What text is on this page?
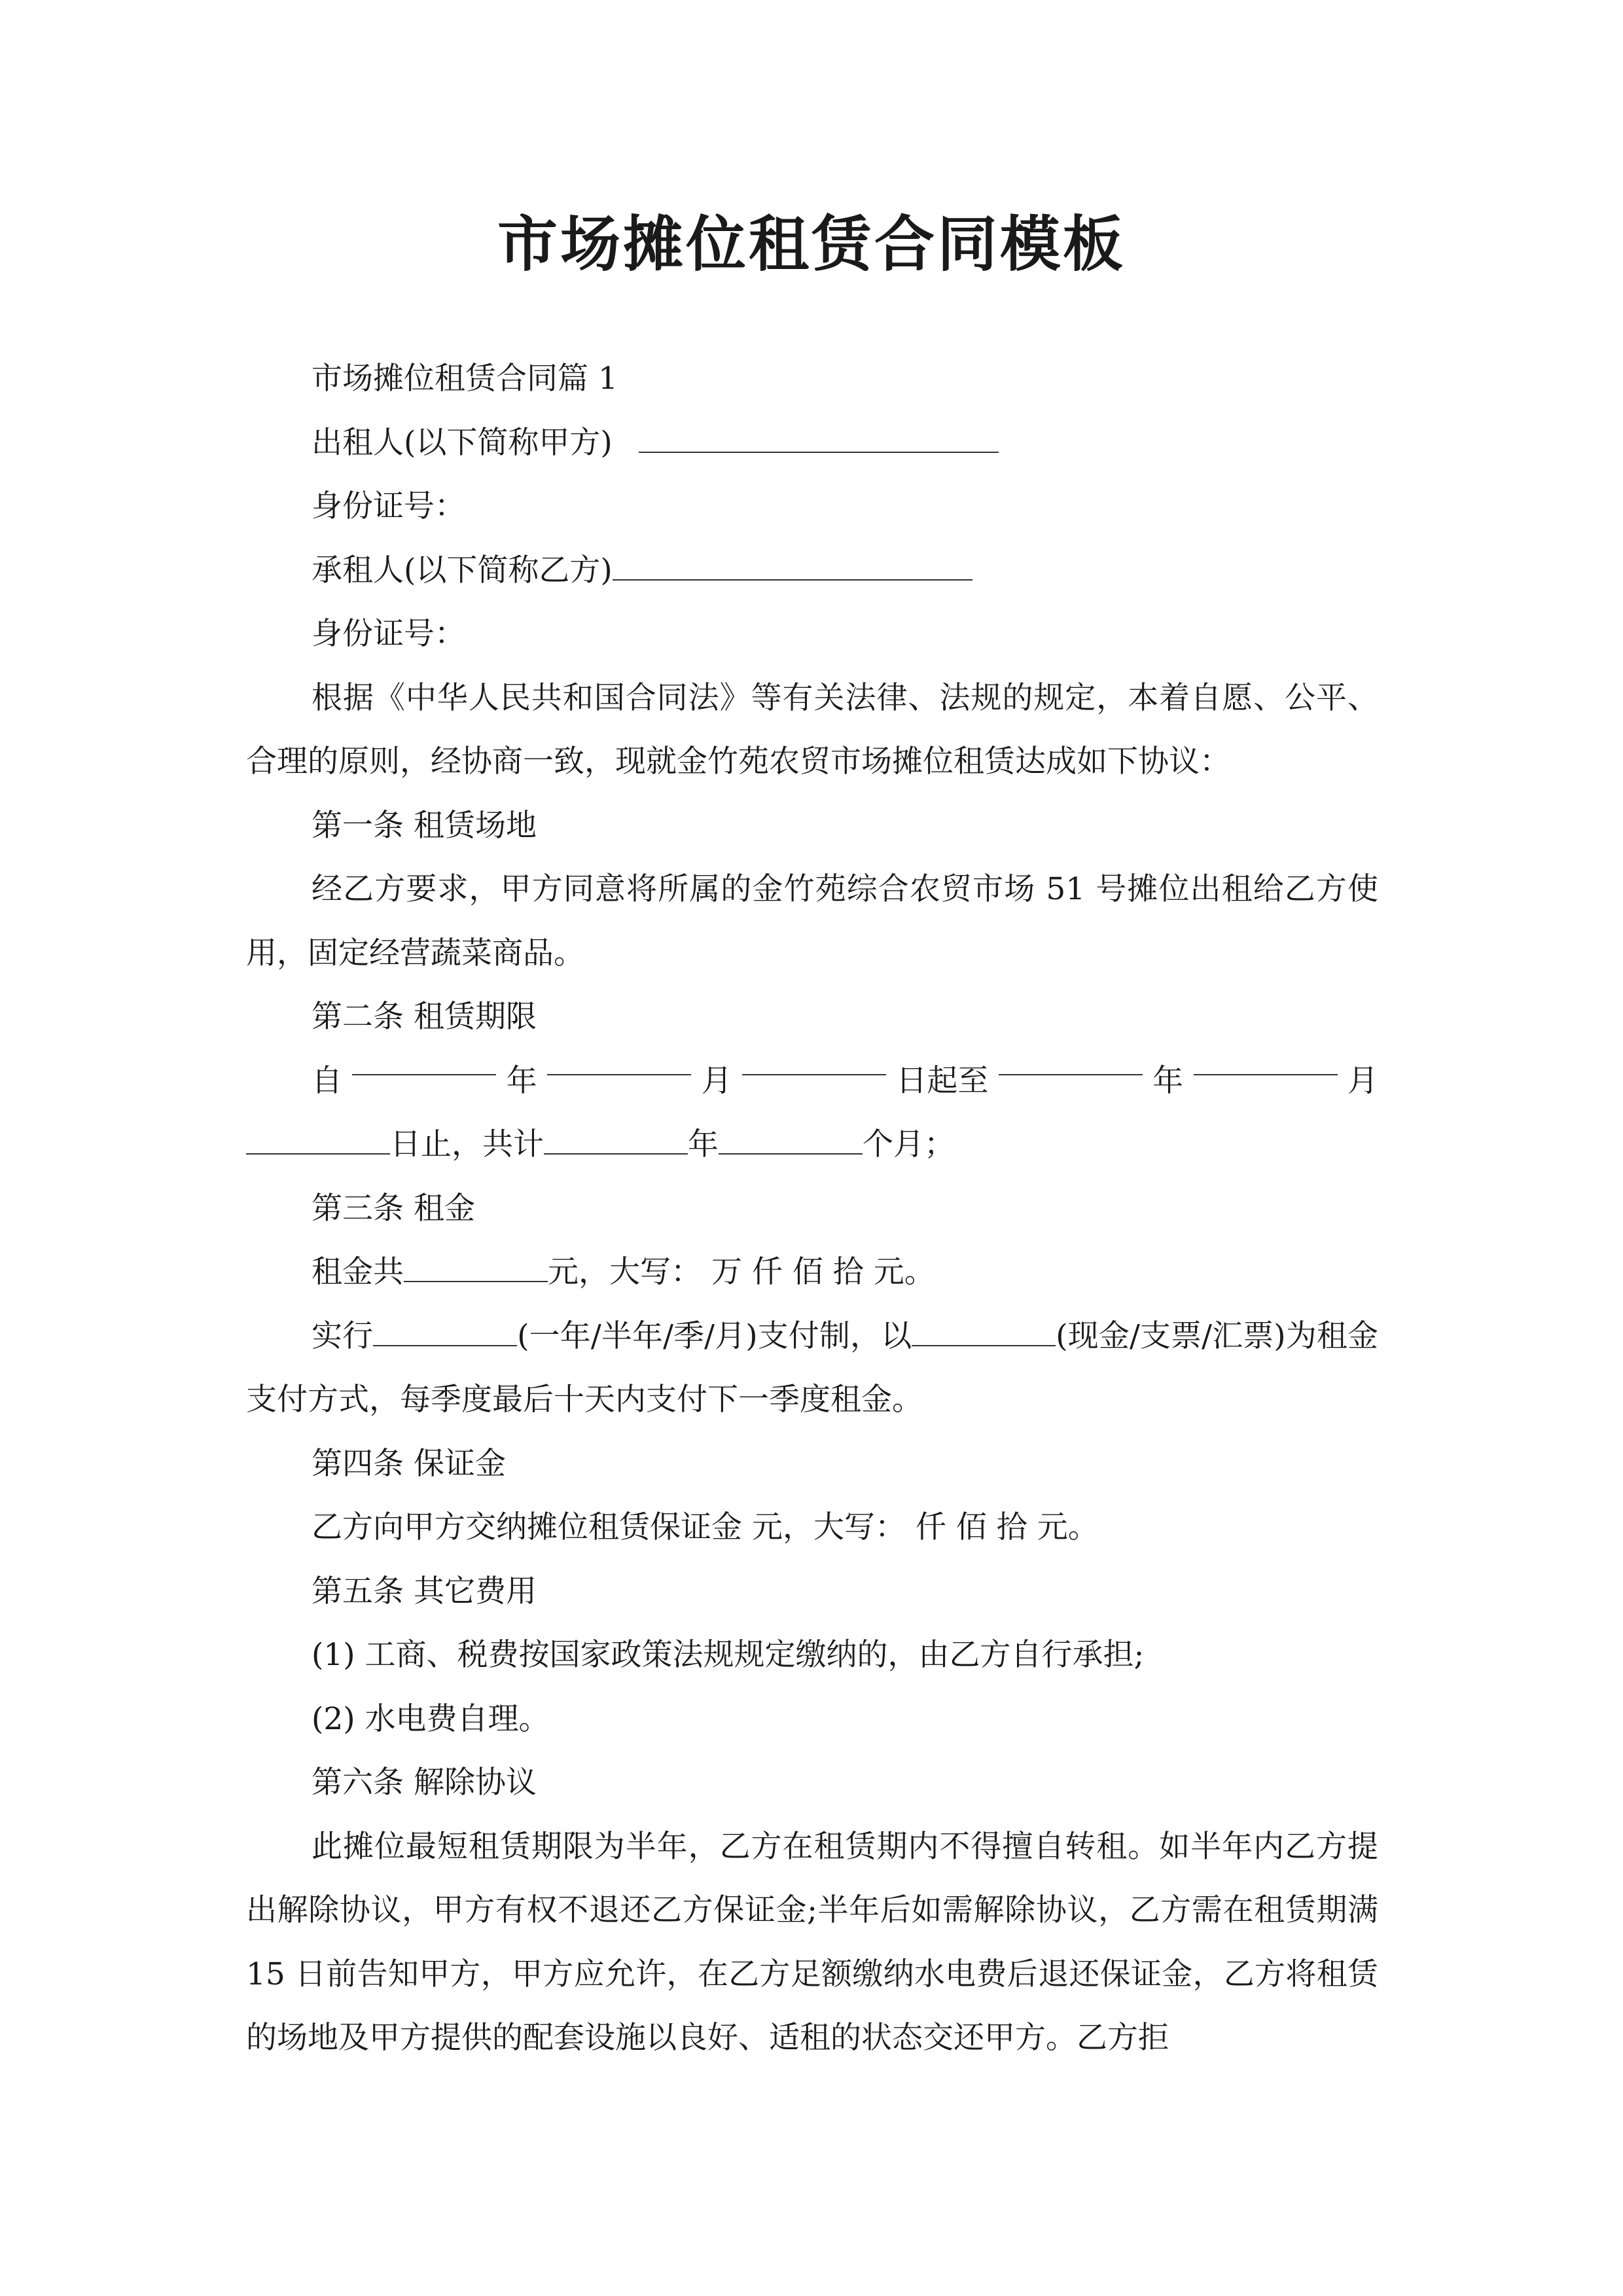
市场摊位租赁合同模板

市场摊位租赁合同篇 1

出租人(以下简称甲方)

身份证号：

承租人(以下简称乙方)

身份证号：

根据《中华人民共和国合同法》等有关法律、法规的规定，本着自愿、公平、合理的原则，经协商一致，现就金竹苑农贸市场摊位租赁达成如下协议：

第一条 租赁场地

经乙方要求，甲方同意将所属的金竹苑综合农贸市场 51 号摊位出租给乙方使用，固定经营蔬菜商品。

第二条 租赁期限

自	年	月	日起至	年	月

日止，共计	年	个月；

第三条 租金

租金共	元，大写： 万 仟 佰 拾 元。

实行	(一年/半年/季/月)支付制，以	(现金/支票/汇票)为租金支付方式，每季度最后十天内支付下一季度租金。

第四条 保证金

乙方向甲方交纳摊位租赁保证金 元，大写： 仟 佰 拾 元。

第五条 其它费用

(1) 工商、税费按国家政策法规规定缴纳的，由乙方自行承担;

(2) 水电费自理。

第六条 解除协议

此摊位最短租赁期限为半年，乙方在租赁期内不得擅自转租。如半年内乙方提出解除协议，甲方有权不退还乙方保证金;半年后如需解除协议，乙方需在租赁期满 15 日前告知甲方，甲方应允许，在乙方足额缴纳水电费后退还保证金，乙方将租赁的场地及甲方提供的配套设施以良好、适租的状态交还甲方。乙方拒
